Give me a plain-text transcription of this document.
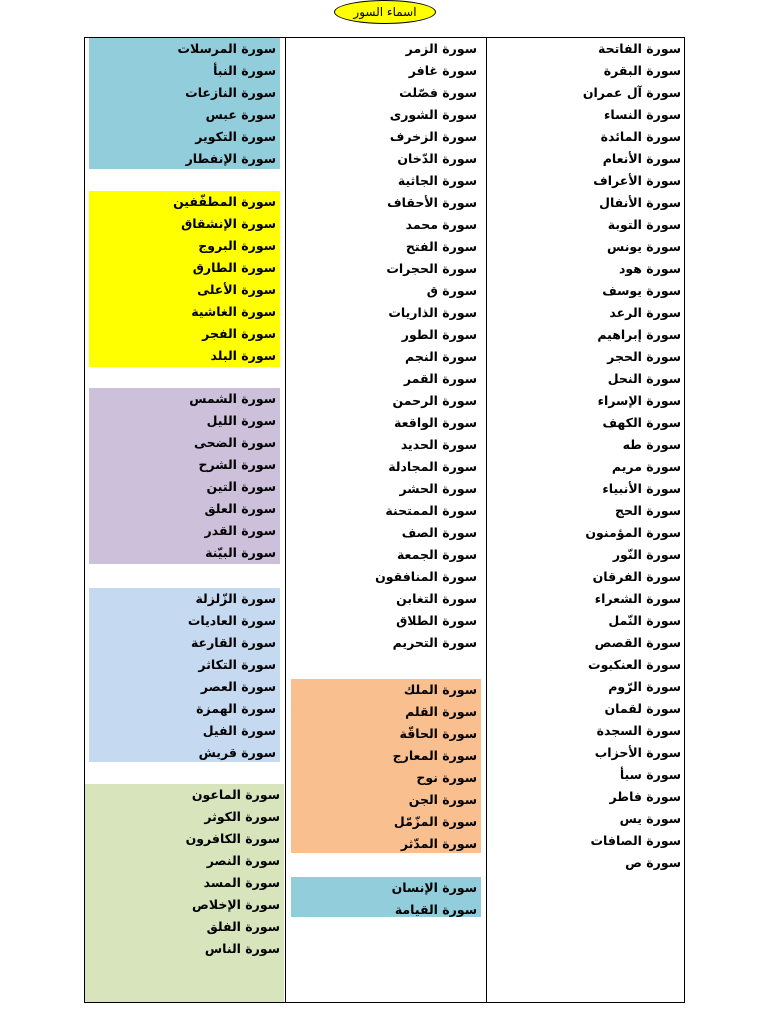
اسماء السور
سورة الفاتحة
سورة البقرة
سورة آل عمران
سورة النساء
سورة المائدة
سورة الأنعام
سورة الأعراف
سورة الأنفال
سورة التوبة
سورة يونس
سورة هود
سورة يوسف
سورة الرعد
سورة إبراهيم
سورة الحجر
سورة النحل
سورة الإسراء
سورة الكهف
سورة طه
سورة مريم
سورة الأنبياء
سورة الحج
سورة المؤمنون
سورة النّور
سورة الفرقان
سورة الشعراء
سورة النّمل
سورة القصص
سورة العنكبوت
سورة الرّوم
سورة لقمان
سورة السجدة
سورة الأحزاب
سورة سبأ
سورة فاطر
سورة يس
سورة الصافات
سورة ص
سورة الزمر
سورة غافر
سورة فصّلت
سورة الشورى
سورة الزخرف
سورة الدّخان
سورة الجاثية
سورة الأحقاف
سورة محمد
سورة الفتح
سورة الحجرات
سورة ق
سورة الذاريات
سورة الطور
سورة النجم
سورة القمر
سورة الرحمن
سورة الواقعة
سورة الحديد
سورة المجادلة
سورة الحشر
سورة الممتحنة
سورة الصف
سورة الجمعة
سورة المنافقون
سورة التغابن
سورة الطلاق
سورة التحريم
سورة الملك
سورة القلم
سورة الحاقّة
سورة المعارج
سورة نوح
سورة الجن
سورة المزّمّل
سورة المدّثر
سورة الإنسان
سورة القيامة
سورة المرسلات
سورة النبأ
سورة النازعات
سورة عبس
سورة التكوير
سورة الإنفطار
سورة المطفّفين
سورة الإنشقاق
سورة البروج
سورة الطارق
سورة الأعلى
سورة الغاشية
سورة الفجر
سورة البلد
سورة الشمس
سورة الليل
سورة الضحى
سورة الشرح
سورة التين
سورة العلق
سورة القدر
سورة البيّنة
سورة الزّلزلة
سورة العاديات
سورة القارعة
سورة التكاثر
سورة العصر
سورة الهمزة
سورة الفيل
سورة قريش
سورة الماعون
سورة الكوثر
سورة الكافرون
سورة النصر
سورة المسد
سورة الإخلاص
سورة الفلق
سورة الناس
